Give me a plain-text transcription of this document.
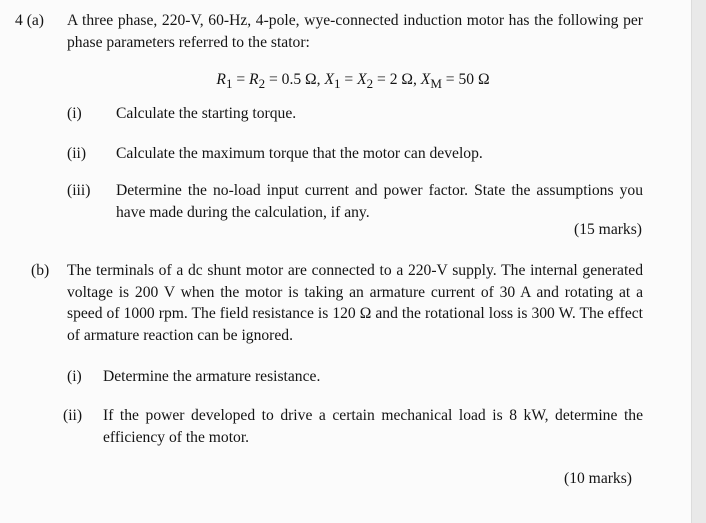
4 (a) A three phase, 220-V, 60-Hz, 4-pole, wye-connected induction motor has the following per phase parameters referred to the stator:
$R_1 = R_2 = 0.5$ Ω, $X_1 = X_2 = 2$ Ω, $X_M = 50$ Ω
(i) Calculate the starting torque.
(ii) Calculate the maximum torque that the motor can develop.
(iii) Determine the no-load input current and power factor. State the assumptions you have made during the calculation, if any.
(15 marks)
(b) The terminals of a dc shunt motor are connected to a 220-V supply. The internal generated voltage is 200 V when the motor is taking an armature current of 30 A and rotating at a speed of 1000 rpm. The field resistance is 120 Ω and the rotational loss is 300 W. The effect of armature reaction can be ignored.
(i) Determine the armature resistance.
(ii) If the power developed to drive a certain mechanical load is 8 kW, determine the efficiency of the motor.
(10 marks)
